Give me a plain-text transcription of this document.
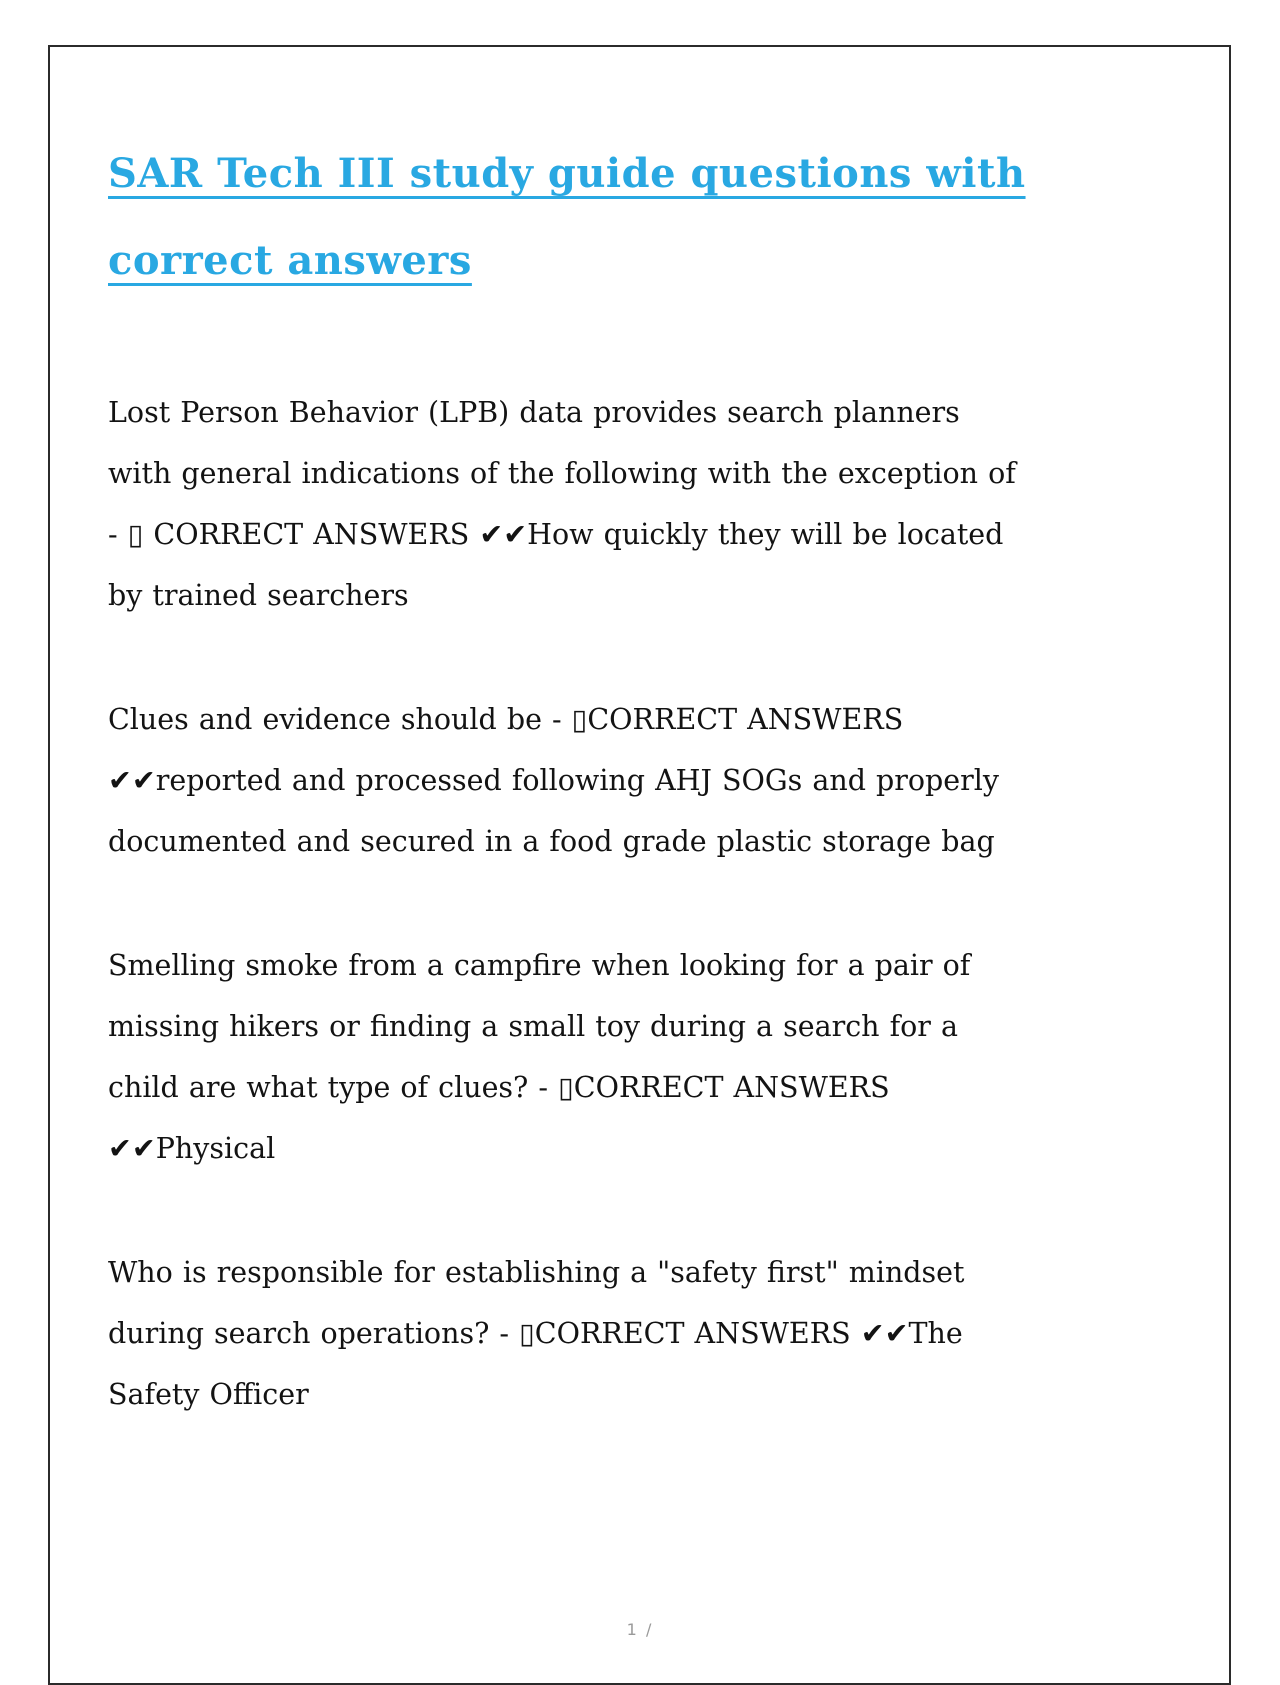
SAR Tech III study guide questions with correct answers

Lost Person Behavior (LPB) data provides search planners with general indications of the following with the exception of - ▯ CORRECT ANSWERS ✔✔How quickly they will be located by trained searchers

Clues and evidence should be - ▯CORRECT ANSWERS ✔✔reported and processed following AHJ SOGs and properly documented and secured in a food grade plastic storage bag

Smelling smoke from a campfire when looking for a pair of missing hikers or finding a small toy during a search for a child are what type of clues? - ▯CORRECT ANSWERS ✔✔Physical

Who is responsible for establishing a "safety first" mindset during search operations? - ▯CORRECT ANSWERS ✔✔The Safety Officer

1 /
